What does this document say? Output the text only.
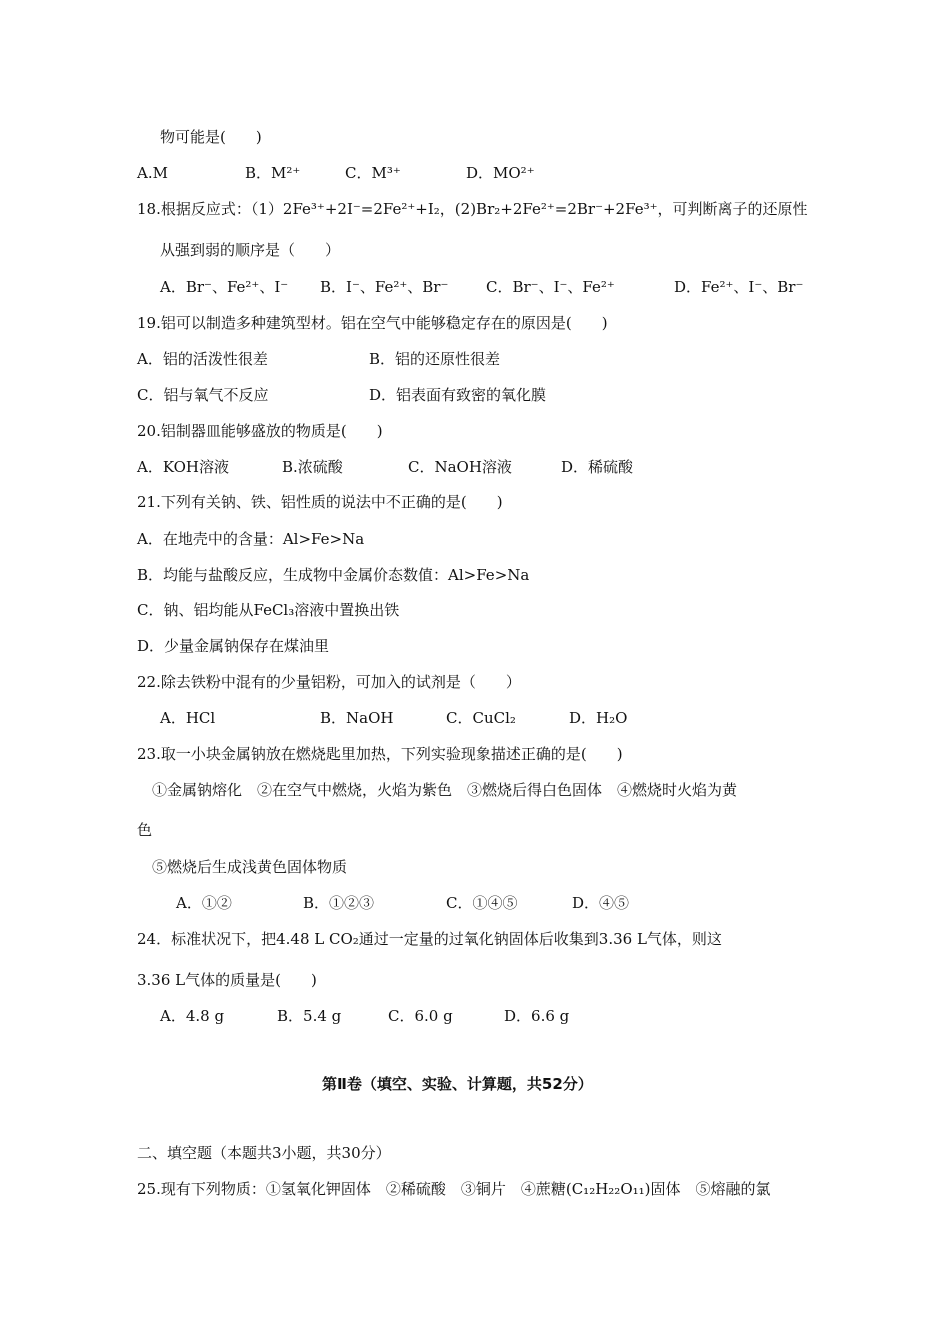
物可能是(　　)
A.M	B．M²⁺	C．M³⁺	D．MO²⁺
18.根据反应式：（1）2Fe³⁺+2I⁻=2Fe²⁺+I₂，(2)Br₂+2Fe²⁺=2Br⁻+2Fe³⁺，可判断离子的还原性
从强到弱的顺序是（　　）
A．Br⁻、Fe²⁺、I⁻ B．I⁻、Fe²⁺、Br⁻	C．Br⁻、I⁻、Fe²⁺	D．Fe²⁺、I⁻、Br⁻
19.铝可以制造多种建筑型材。铝在空气中能够稳定存在的原因是(　　)
A．铝的活泼性很差	B．铝的还原性很差
C．铝与氧气不反应	D．铝表面有致密的氧化膜
20.铝制器皿能够盛放的物质是(　　)
A．KOH溶液	B.浓硫酸	C．NaOH溶液	D．稀硫酸
21.下列有关钠、铁、铝性质的说法中不正确的是(　　)
A．在地壳中的含量：Al>Fe>Na
B．均能与盐酸反应，生成物中金属价态数值：Al>Fe>Na
C．钠、铝均能从FeCl₃溶液中置换出铁
D．少量金属钠保存在煤油里
22.除去铁粉中混有的少量铝粉，可加入的试剂是（　　）
A．HCl	B．NaOH	C．CuCl₂	D．H₂O
23.取一小块金属钠放在燃烧匙里加热，下列实验现象描述正确的是(　　)
①金属钠熔化　②在空气中燃烧，火焰为紫色　③燃烧后得白色固体　④燃烧时火焰为黄
色
⑤燃烧后生成浅黄色固体物质
A．①②	B．①②③	C．①④⑤	D．④⑤
24．标准状况下，把4.48 L CO₂通过一定量的过氧化钠固体后收集到3.36 L气体，则这
3.36 L气体的质量是(　　)
A．4.8 g	B．5.4 g	C．6.0 g	D．6.6 g
第Ⅱ卷（填空、实验、计算题，共52分）
二、填空题（本题共3小题，共30分）
25.现有下列物质：①氢氧化钾固体　②稀硫酸　③铜片　④蔗糖(C₁₂H₂₂O₁₁)固体　⑤熔融的氯
